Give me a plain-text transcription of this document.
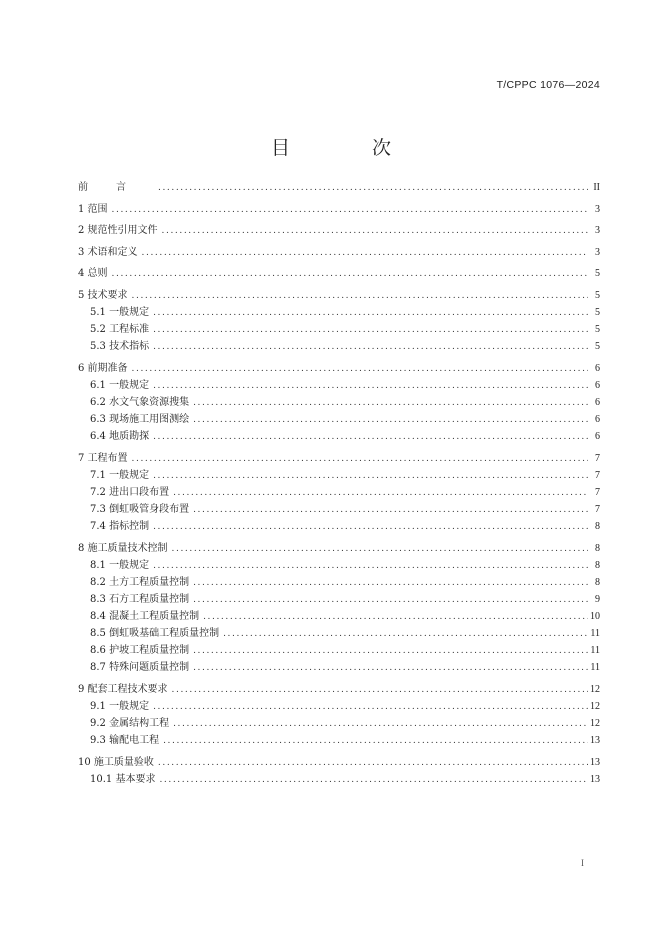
T/CPPC 1076—2024
目 次
前言 .....	II
1 范围 .....	3
2 规范性引用文件 .....	3
3 术语和定义 .....	3
4 总则 .....	5
5 技术要求 .....	5
5.1 一般规定 .....	5
5.2 工程标准 .....	5
5.3 技术指标 .....	5
6 前期准备 .....	6
6.1 一般规定 .....	6
6.2 水文气象资源搜集 .....	6
6.3 现场施工用图测绘 .....	6
6.4 地质勘探 .....	6
7 工程布置 .....	7
7.1 一般规定 .....	7
7.2 进出口段布置 .....	7
7.3 倒虹吸管身段布置 .....	7
7.4 指标控制 .....	8
8 施工质量技术控制 .....	8
8.1 一般规定 .....	8
8.2 土方工程质量控制 .....	8
8.3 石方工程质量控制 .....	9
8.4 混凝土工程质量控制 .....	10
8.5 倒虹吸基础工程质量控制 .....	11
8.6 护坡工程质量控制 .....	11
8.7 特殊问题质量控制 .....	11
9 配套工程技术要求 .....	12
9.1 一般规定 .....	12
9.2 金属结构工程 .....	12
9.3 输配电工程 .....	13
10 施工质量验收 .....	13
10.1 基本要求 .....	13
I
